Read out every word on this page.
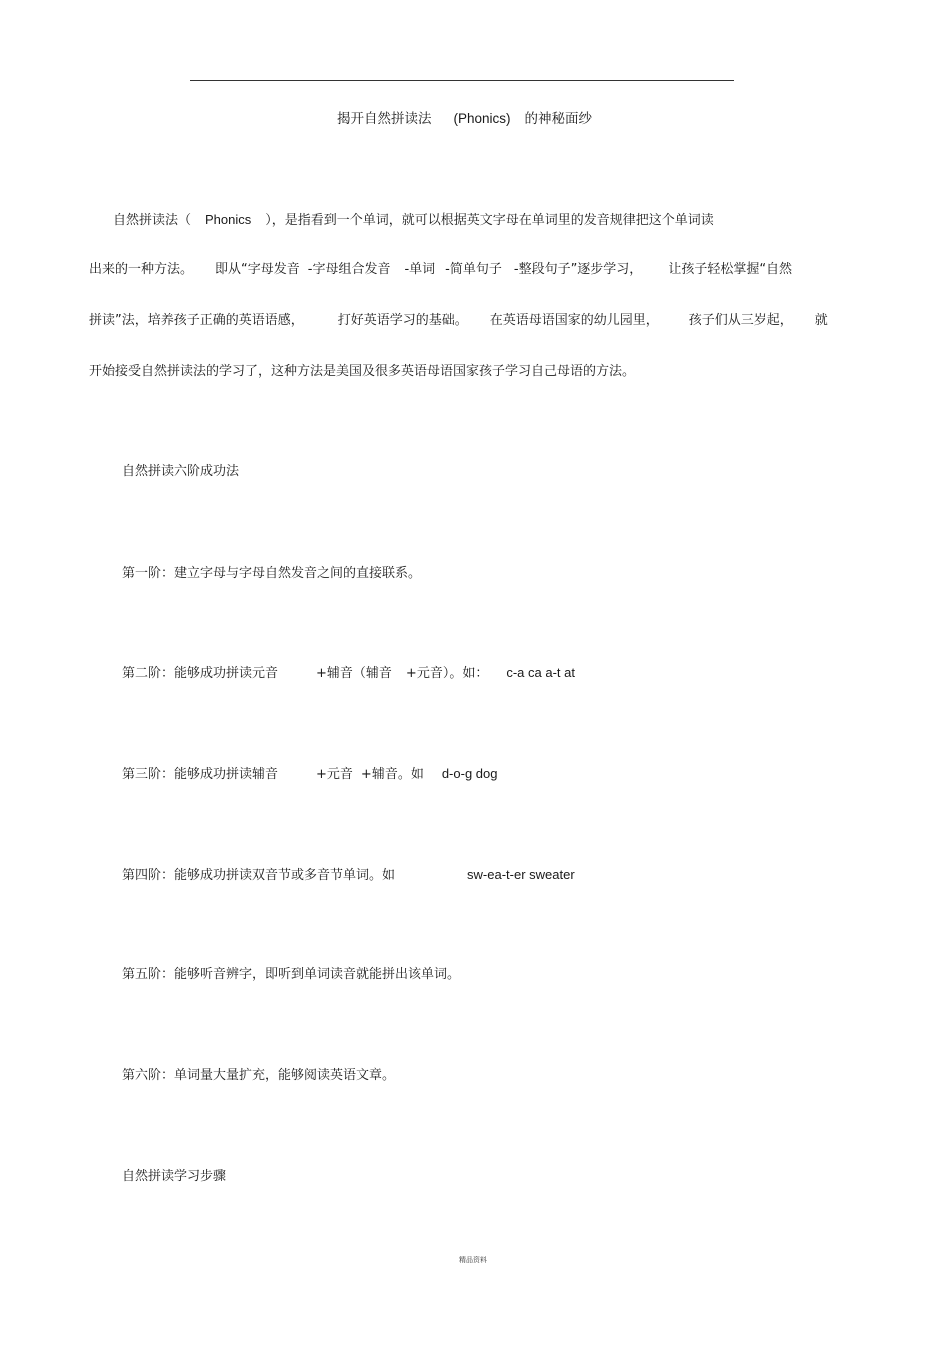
揭开自然拼读法 (Phonics) 的神秘面纱
自然拼读法（ Phonics ），是指看到一个单词，就可以根据英文字母在单词里的发音规律把这个单词读
出来的一种方法。 即从“字母发音 -字母组合发音 -单词 -简单句子 -整段句子”逐步学习， 让孩子轻松掌握“自然
拼读”法，培养孩子正确的英语语感，	打好英语学习的基础。 在英语母语国家的幼儿园里， 孩子们从三岁起， 就
开始接受自然拼读法的学习了，这种方法是美国及很多英语母语国家孩子学习自己母语的方法。
自然拼读六阶成功法
第一阶：建立字母与字母自然发音之间的直接联系。
第二阶：能够成功拼读元音	+辅音（辅音 +元音）。如： c-a ca a-t at
第三阶：能够成功拼读辅音	+元音 +辅音。如 d-o-g dog
第四阶：能够成功拼读双音节或多音节单词。如	sw-ea-t-er sweater
第五阶：能够听音辨字，即听到单词读音就能拼出该单词。
第六阶：单词量大量扩充，能够阅读英语文章。
自然拼读学习步骤
精品资料
